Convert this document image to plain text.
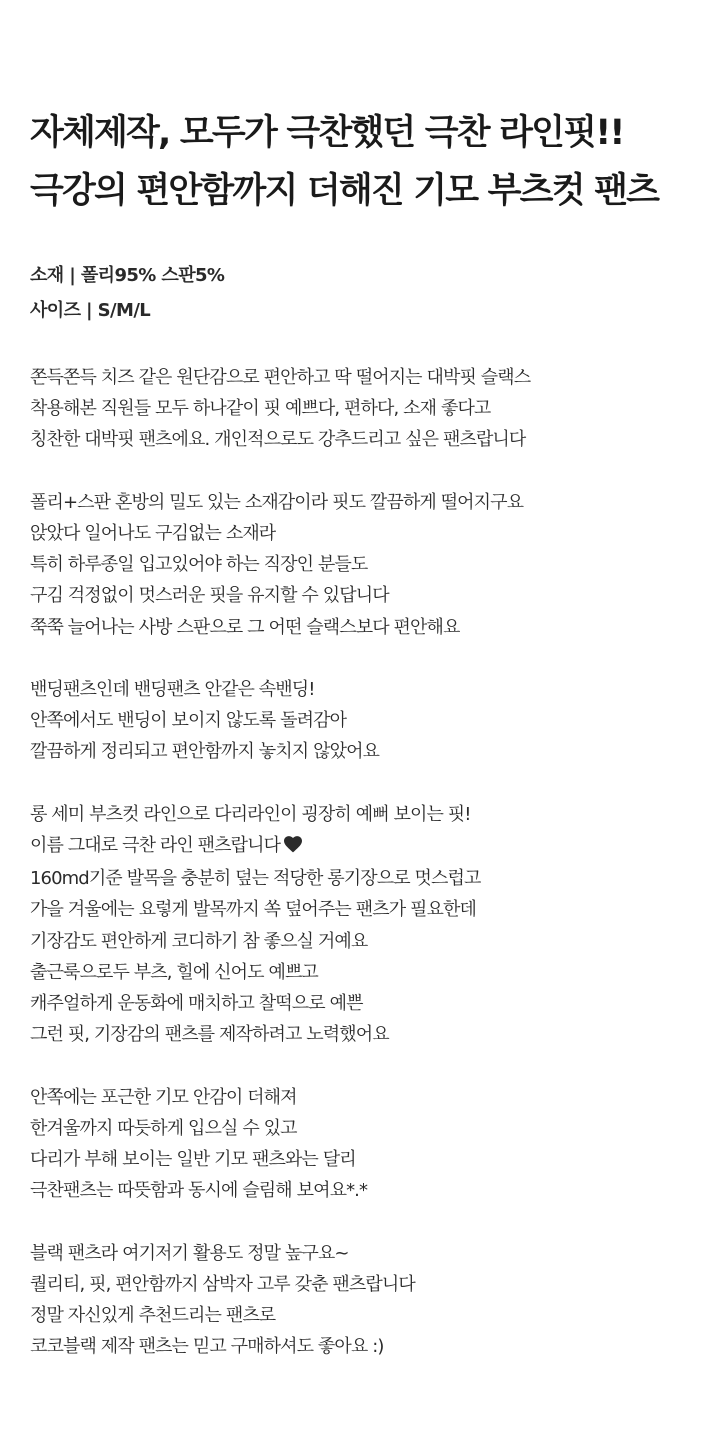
자체제작, 모두가 극찬했던 극찬 라인핏!!
극강의 편안함까지 더해진 기모 부츠컷 팬츠
소재 | 폴리95% 스판5%
사이즈 | S/M/L

쫀득쫀득 치즈 같은 원단감으로 편안하고 딱 떨어지는 대박핏 슬랙스
착용해본 직원들 모두 하나같이 핏 예쁘다, 편하다, 소재 좋다고
칭찬한 대박핏 팬츠에요. 개인적으로도 강추드리고 싶은 팬츠랍니다

폴리+스판 혼방의 밀도 있는 소재감이라 핏도 깔끔하게 떨어지구요
앉았다 일어나도 구김없는 소재라
특히 하루종일 입고있어야 하는 직장인 분들도
구김 걱정없이 멋스러운 핏을 유지할 수 있답니다
쭉쭉 늘어나는 사방 스판으로 그 어떤 슬랙스보다 편안해요

밴딩팬츠인데 밴딩팬츠 안같은 속밴딩!
안쪽에서도 밴딩이 보이지 않도록 돌려감아
깔끔하게 정리되고 편안함까지 놓치지 않았어요

롱 세미 부츠컷 라인으로 다리라인이 굉장히 예뻐 보이는 핏!
이름 그대로 극찬 라인 팬츠랍니다
160md기준 발목을 충분히 덮는 적당한 롱기장으로 멋스럽고
가을 겨울에는 요렇게 발목까지 쏙 덮어주는 팬츠가 필요한데
기장감도 편안하게 코디하기 참 좋으실 거예요
출근룩으로두 부츠, 힐에 신어도 예쁘고
캐주얼하게 운동화에 매치하고 찰떡으로 예쁜
그런 핏, 기장감의 팬츠를 제작하려고 노력했어요

안쪽에는 포근한 기모 안감이 더해져
한겨울까지 따듯하게 입으실 수 있고
다리가 부해 보이는 일반 기모 팬츠와는 달리
극찬팬츠는 따뜻함과 동시에 슬림해 보여요*.*

블랙 팬츠라 여기저기 활용도 정말 높구요~
퀄리티, 핏, 편안함까지 삼박자 고루 갖춘 팬츠랍니다
정말 자신있게 추천드리는 팬츠로
코코블랙 제작 팬츠는 믿고 구매하셔도 좋아요 :)
